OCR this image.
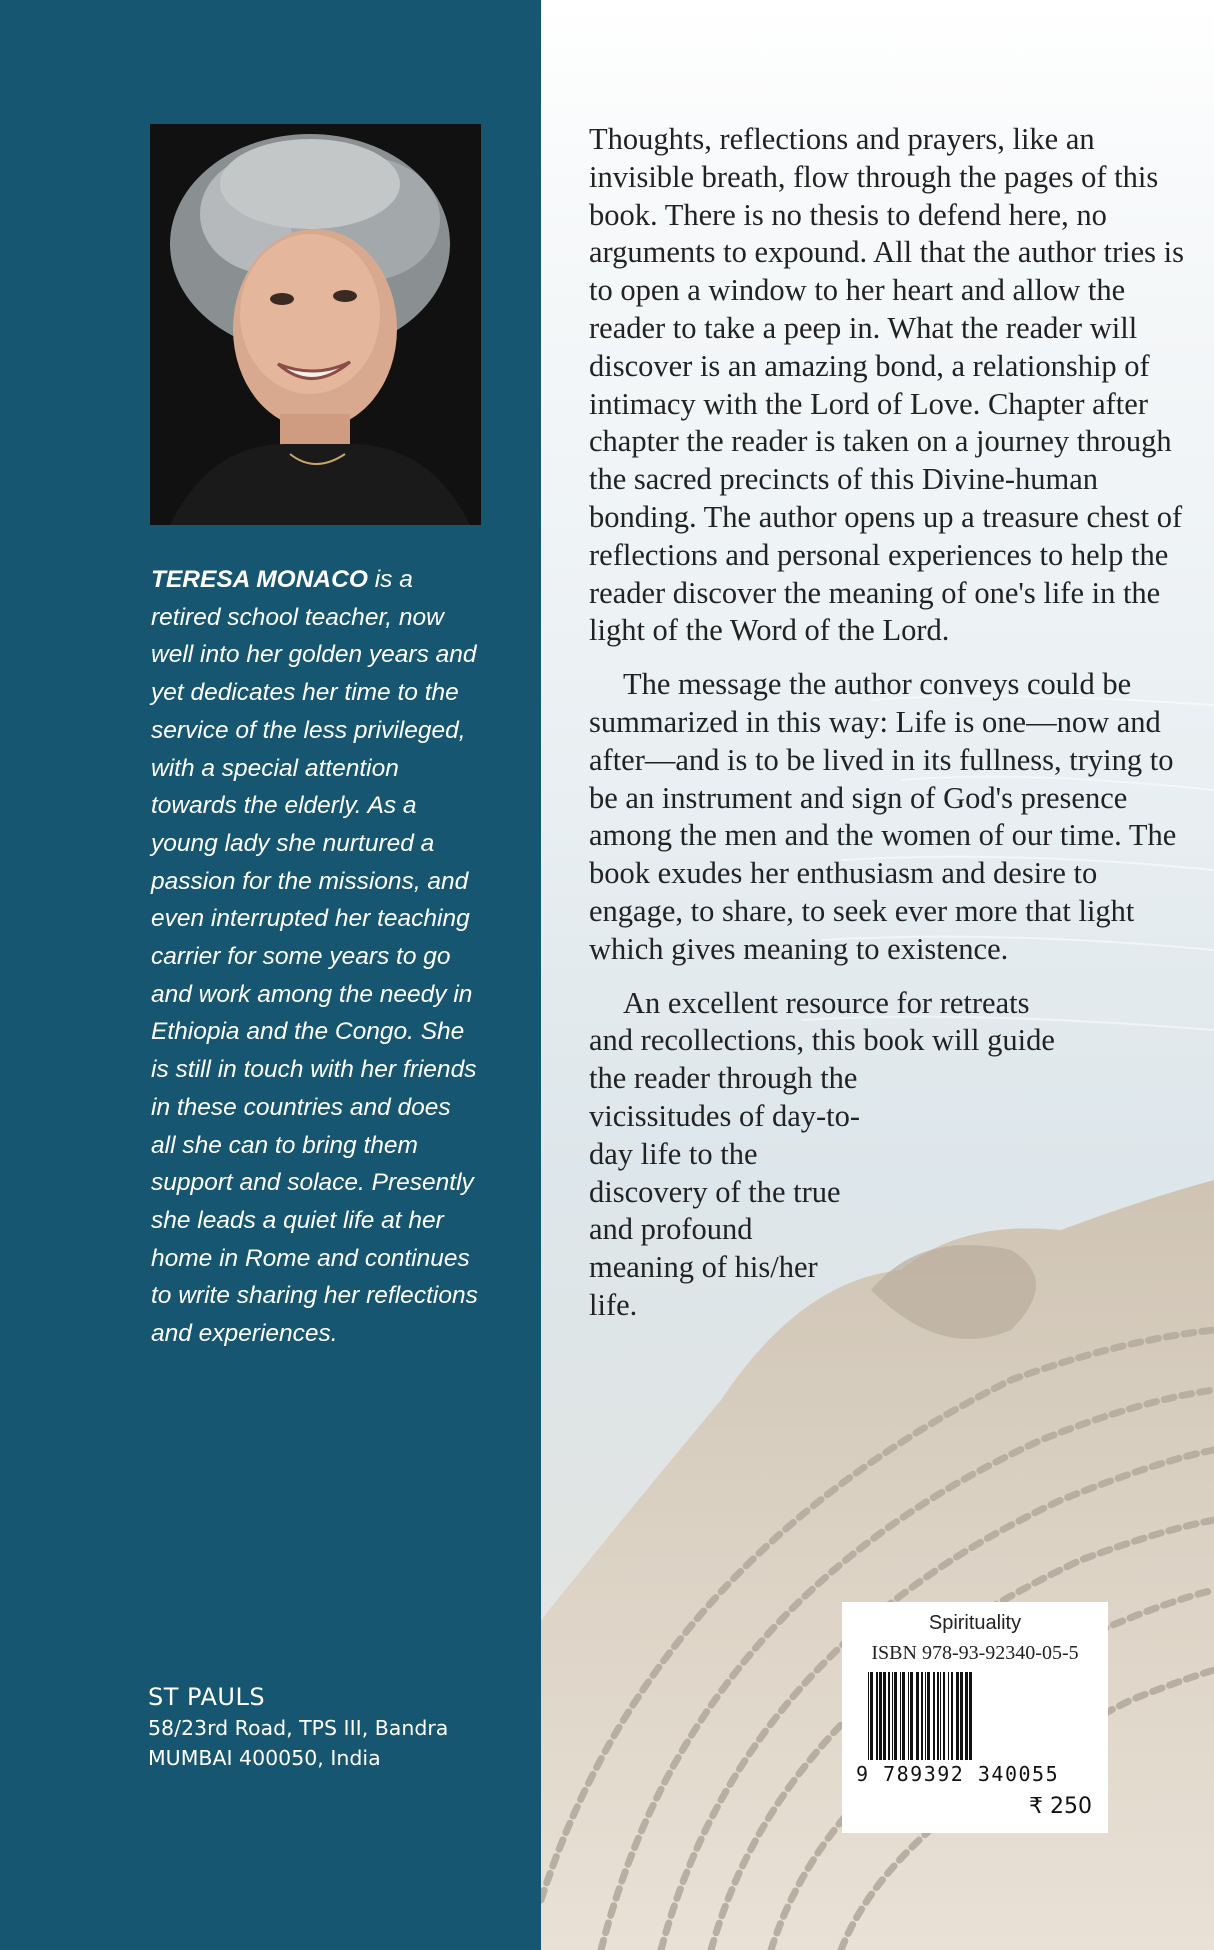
TERESA MONACO is a retired school teacher, now well into her golden years and yet dedicates her time to the service of the less privileged, with a special attention towards the elderly. As a young lady she nurtured a passion for the missions, and even interrupted her teaching carrier for some years to go and work among the needy in Ethiopia and the Congo. She is still in touch with her friends in these countries and does all she can to bring them support and solace. Presently she leads a quiet life at her home in Rome and continues to write sharing her reflections and experiences.
ST PAULS
58/23rd Road, TPS III, Bandra
MUMBAI 400050, India

Thoughts, reflections and prayers, like an invisible breath, flow through the pages of this book. There is no thesis to defend here, no arguments to expound. All that the author tries is to open a window to her heart and allow the reader to take a peep in. What the reader will discover is an amazing bond, a relationship of intimacy with the Lord of Love. Chapter after chapter the reader is taken on a journey through the sacred precincts of this Divine-human bonding. The author opens up a treasure chest of reflections and personal experiences to help the reader discover the meaning of one's life in the light of the Word of the Lord.

The message the author conveys could be summarized in this way: Life is one—now and after—and is to be lived in its fullness, trying to be an instrument and sign of God's presence among the men and the women of our time. The book exudes her enthusiasm and desire to engage, to share, to seek ever more that light which gives meaning to existence.

An excellent resource for retreats
and recollections, this book will guide
the reader through the
vicissitudes of day-to-
day life to the
discovery of the true
and profound
meaning of his/her
life.

Spirituality
ISBN 978-93-92340-05-5
9 789392 340055
₹ 250
